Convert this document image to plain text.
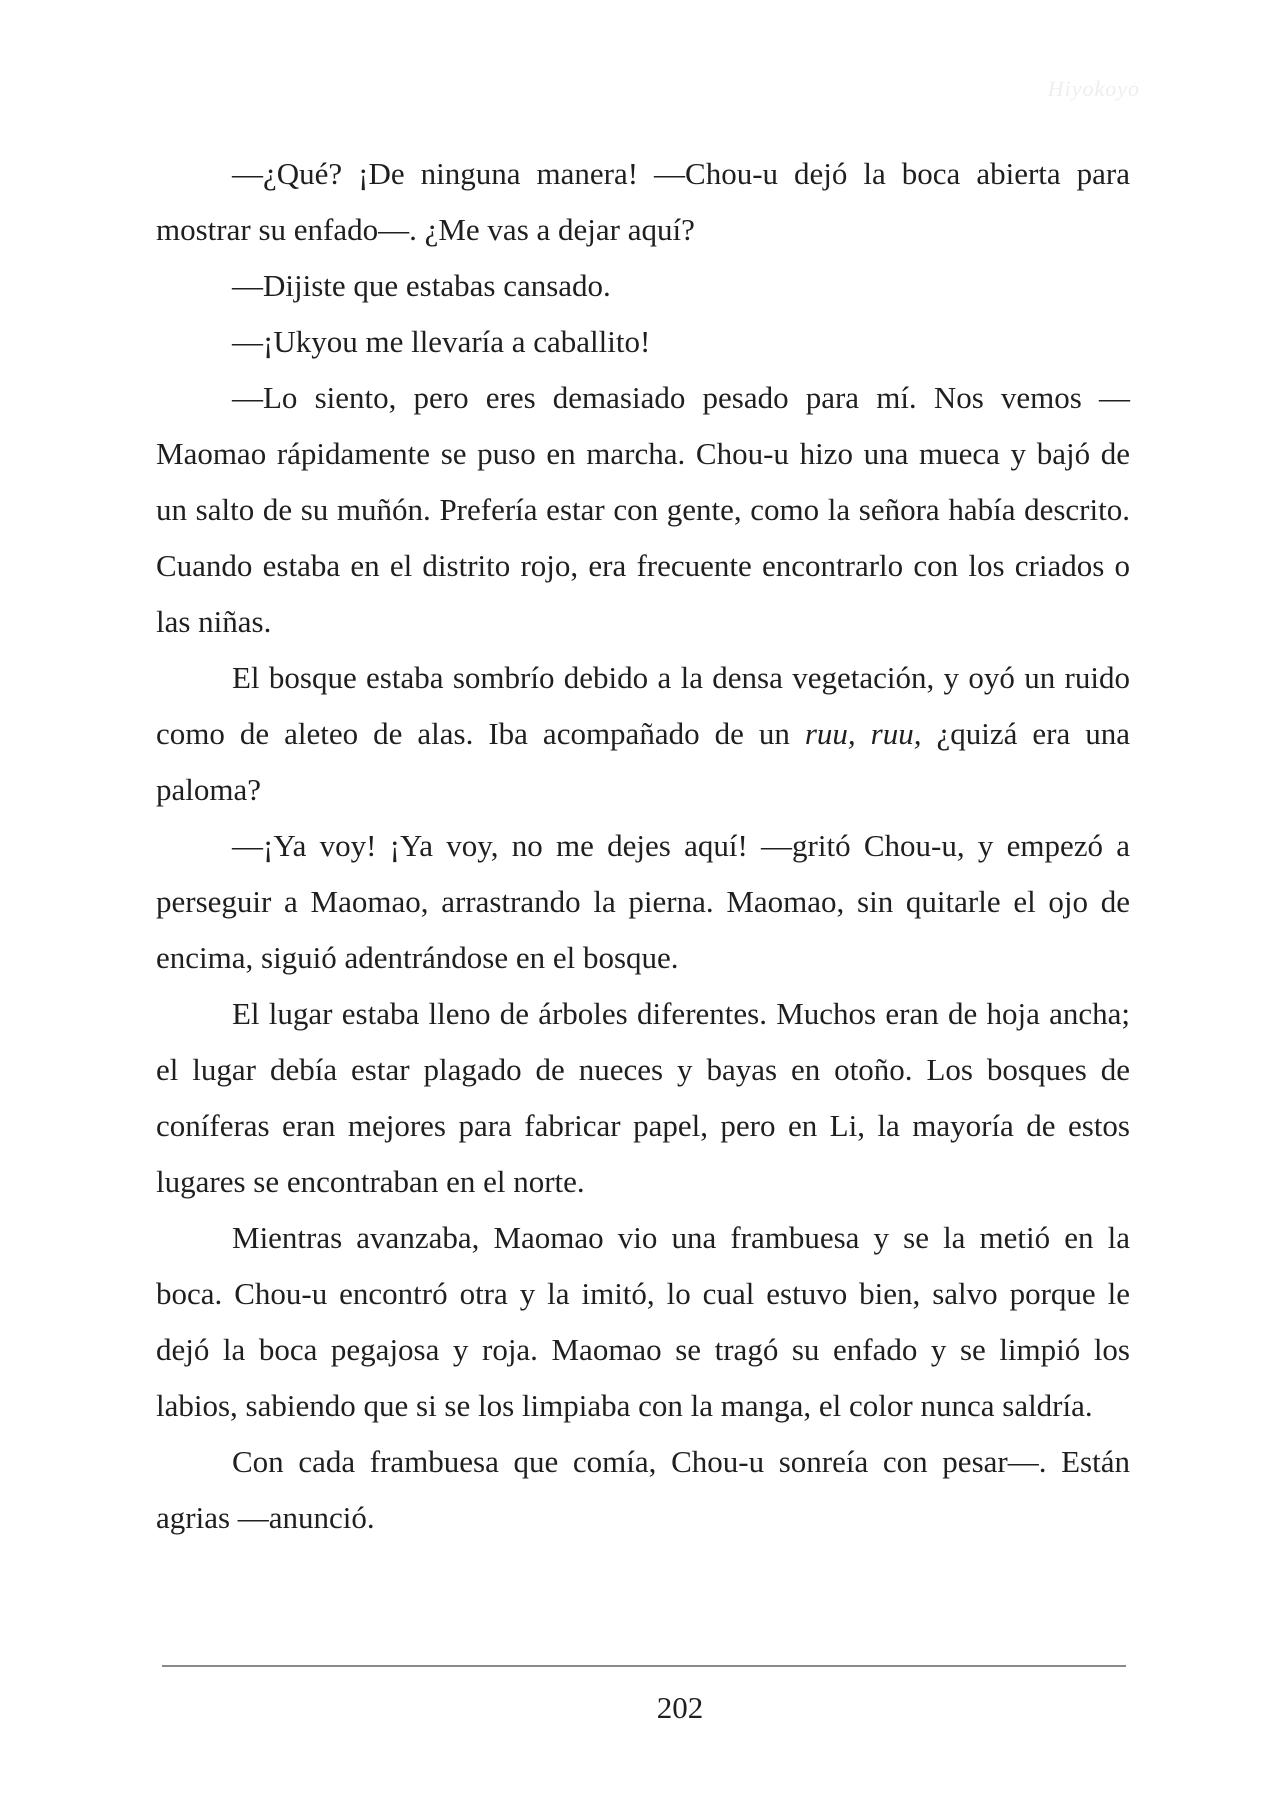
Hiyokoyo

—¿Qué? ¡De ninguna manera! —Chou-u dejó la boca abierta para mostrar su enfado—. ¿Me vas a dejar aquí?

—Dijiste que estabas cansado.

—¡Ukyou me llevaría a caballito!

—Lo siento, pero eres demasiado pesado para mí. Nos vemos —Maomao rápidamente se puso en marcha. Chou-u hizo una mueca y bajó de un salto de su muñón. Prefería estar con gente, como la señora había descrito. Cuando estaba en el distrito rojo, era frecuente encontrarlo con los criados o las niñas.

El bosque estaba sombrío debido a la densa vegetación, y oyó un ruido como de aleteo de alas. Iba acompañado de un ruu, ruu, ¿quizá era una paloma?

—¡Ya voy! ¡Ya voy, no me dejes aquí! —gritó Chou-u, y empezó a perseguir a Maomao, arrastrando la pierna. Maomao, sin quitarle el ojo de encima, siguió adentrándose en el bosque.

El lugar estaba lleno de árboles diferentes. Muchos eran de hoja ancha; el lugar debía estar plagado de nueces y bayas en otoño. Los bosques de coníferas eran mejores para fabricar papel, pero en Li, la mayoría de estos lugares se encontraban en el norte.

Mientras avanzaba, Maomao vio una frambuesa y se la metió en la boca. Chou-u encontró otra y la imitó, lo cual estuvo bien, salvo porque le dejó la boca pegajosa y roja. Maomao se tragó su enfado y se limpió los labios, sabiendo que si se los limpiaba con la manga, el color nunca saldría.

Con cada frambuesa que comía, Chou-u sonreía con pesar—. Están agrias —anunció.

202
